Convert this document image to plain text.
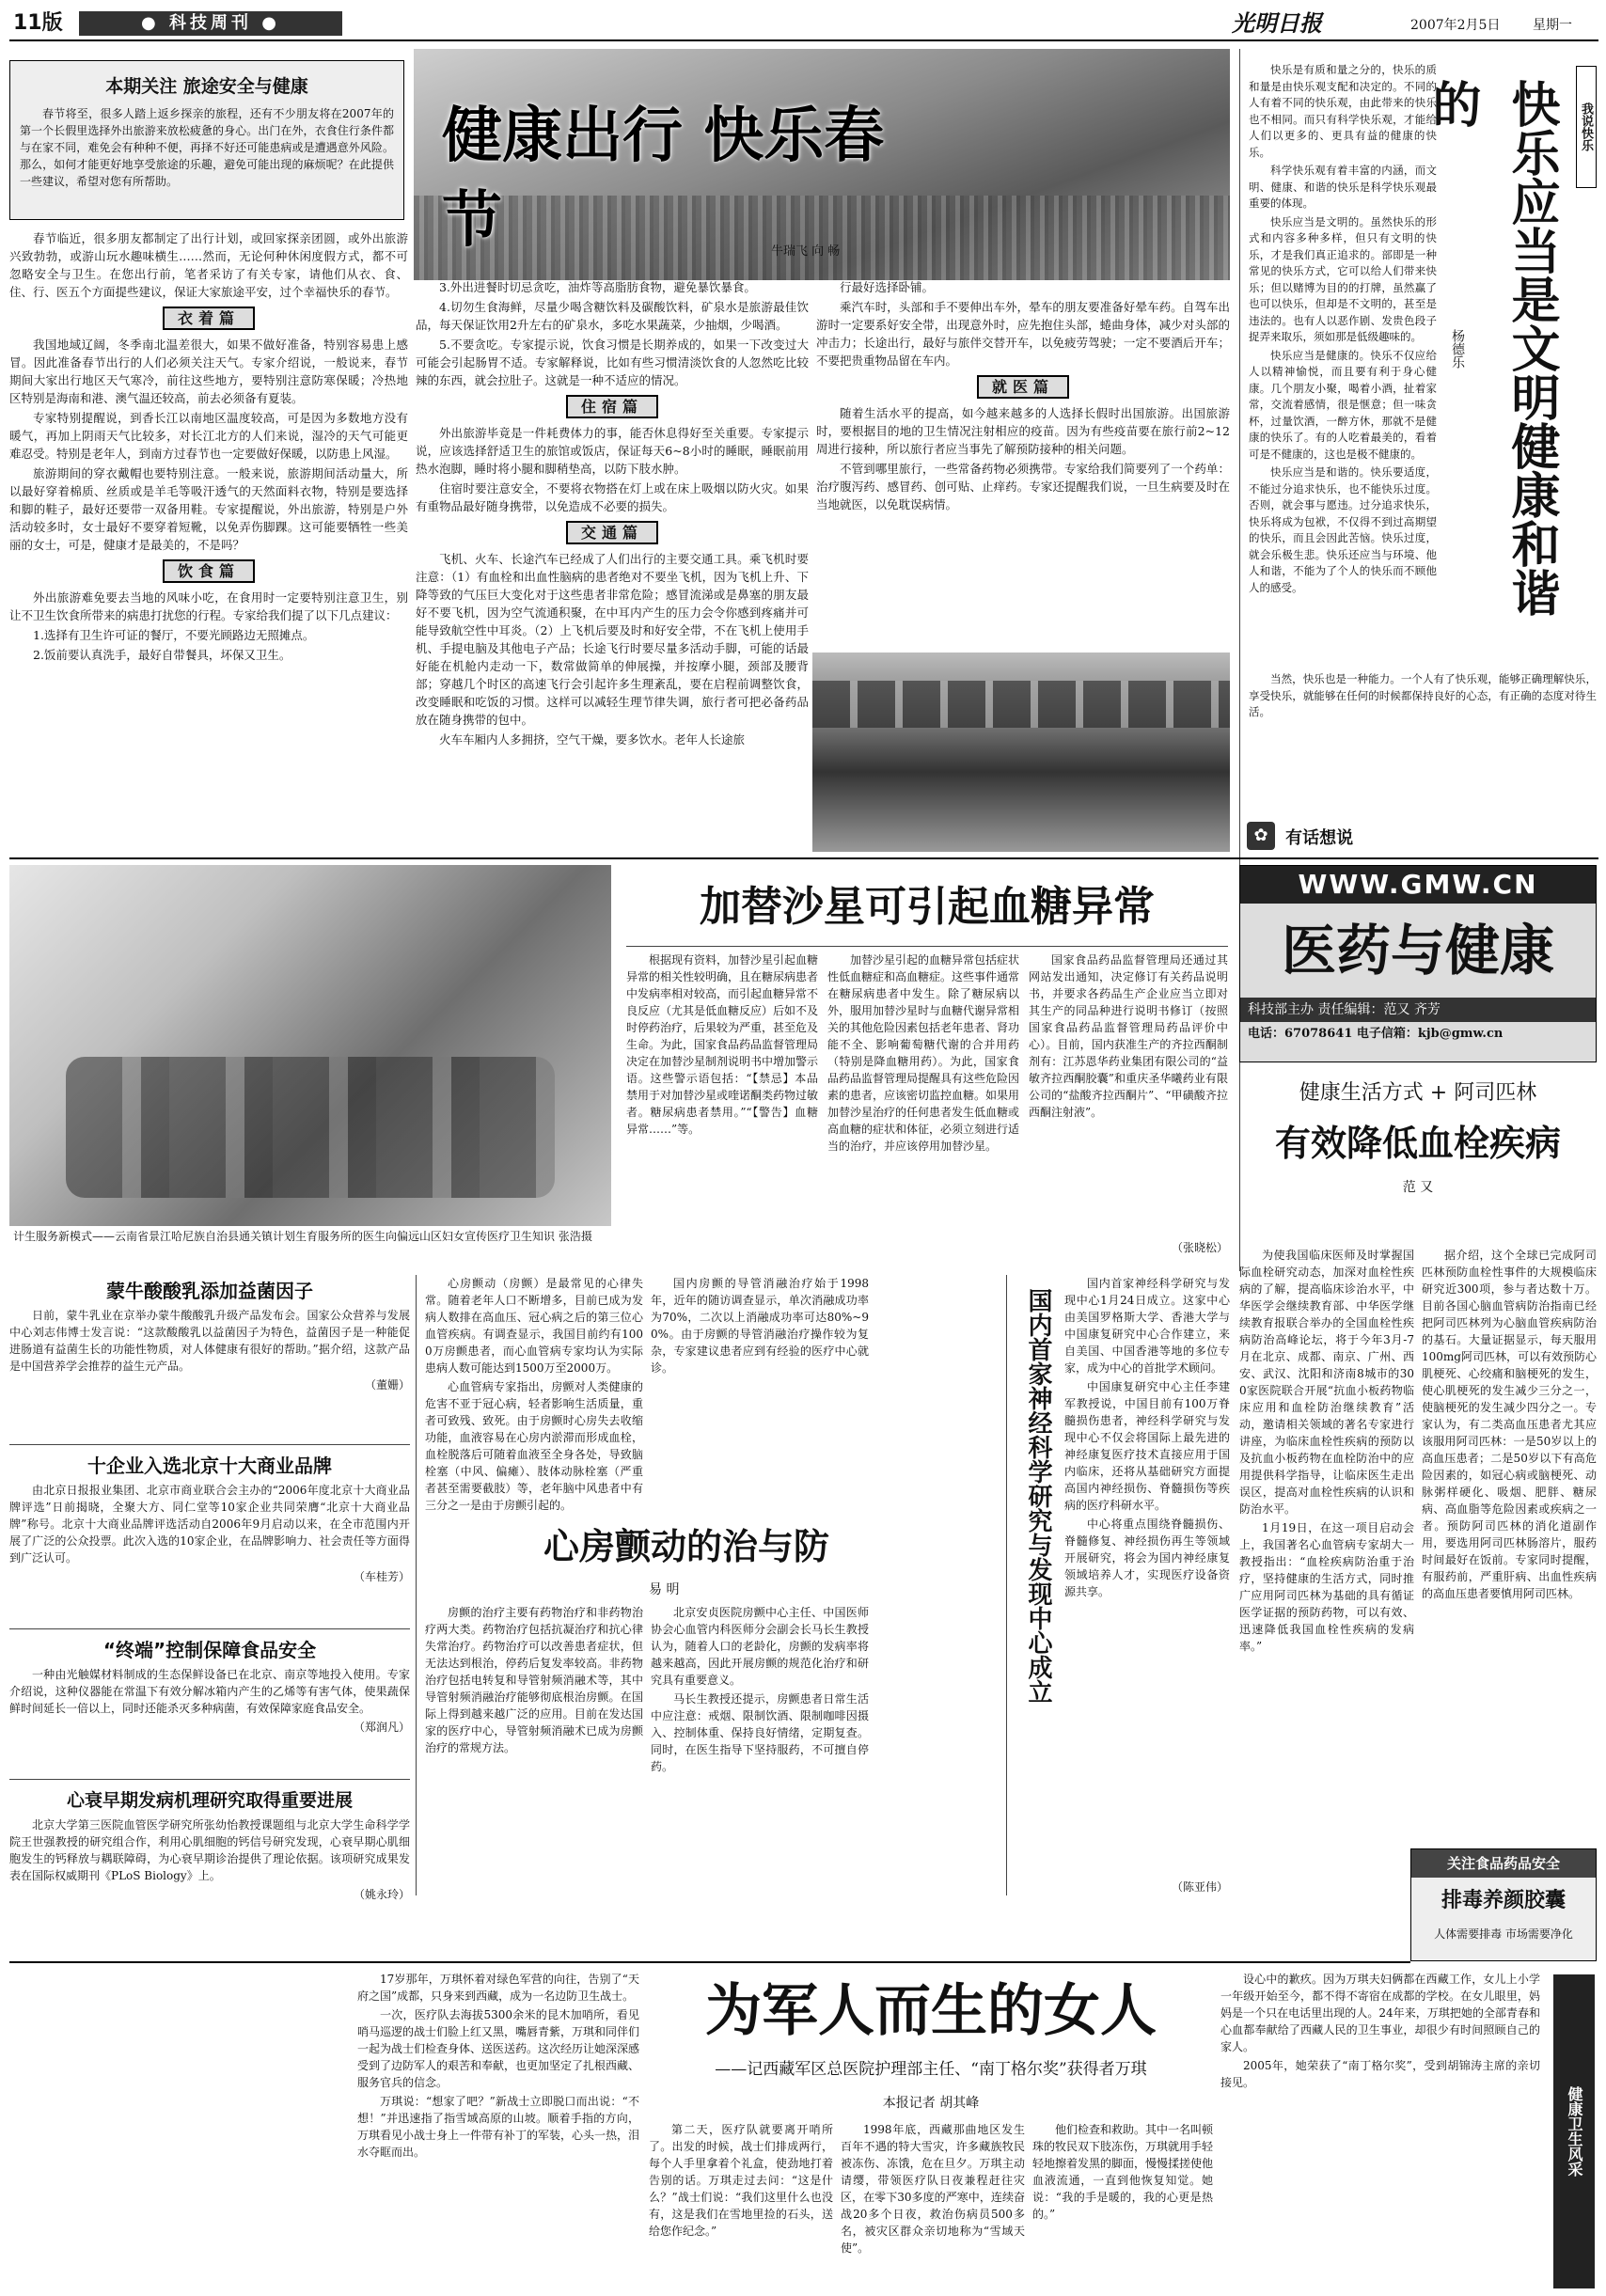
11版	● 科技周刊 ●	光明日报	2007年2月5日	星期一
本期关注 旅途安全与健康

春节将至，很多人踏上返乡探亲的旅程，还有不少朋友将在2007年的第一个长假里选择外出旅游来放松疲惫的身心。出门在外，衣食住行条件都与在家不同，难免会有种种不便，再择不好还可能患病或是遭遇意外风险。那么，如何才能更好地享受旅途的乐趣，避免可能出现的麻烦呢？在此提供一些建议，希望对您有所帮助。

健康出行 快乐春节	牛瑞飞 向 畅

春节临近，很多朋友都制定了出行计划，或回家探亲团圆，或外出旅游兴致勃勃，或游山玩水趣味横生……然而，无论何种休闲度假方式，都不可忽略安全与卫生。在您出行前，笔者采访了有关专家，请他们从衣、食、住、行、医五个方面提些建议，保证大家旅途平安，过个幸福快乐的春节。

衣着篇

我国地域辽阔，冬季南北温差很大，如果不做好准备，特别容易患上感冒。因此准备春节出行的人们必须关注天气。专家介绍说，一般说来，春节期间大家出行地区天气寒冷，前往这些地方，要特别注意防寒保暖；冷热地区特别是海南和港、澳气温还较高，前去必须备有夏装。

专家特别提醒说，到香长江以南地区温度较高，可是因为多数地方没有暖气，再加上阴雨天气比较多，对长江北方的人们来说，湿冷的天气可能更难忍受。特别是老年人，到南方过春节也一定要做好保暖，以防患上风湿。

旅游期间的穿衣戴帽也要特别注意。一般来说，旅游期间活动量大，所以最好穿着棉质、丝质或是羊毛等吸汗透气的天然面料衣物，特别是要选择和脚的鞋子，最好还要带一双备用鞋。专家提醒说，外出旅游，特别是户外活动较多时，女士最好不要穿着短靴，以免弄伤脚踝。这可能要牺牲一些美丽的女士，可是，健康才是最美的，不是吗？

饮食篇

外出旅游难免要去当地的风味小吃，在食用时一定要特别注意卫生，别让不卫生饮食所带来的病患打扰您的行程。专家给我们提了以下几点建议：

1.选择有卫生许可证的餐厅，不要光顾路边无照摊点。

2.饭前要认真洗手，最好自带餐具，坏保又卫生。

3.外出进餐时切忌贪吃，油炸等高脂肪食物，避免暴饮暴食。

4.切勿生食海鲜，尽量少喝含糖饮料及碳酸饮料，矿泉水是旅游最佳饮品，每天保证饮用2升左右的矿泉水，多吃水果蔬菜，少抽烟，少喝酒。

5.不要贪吃。专家提示说，饮食习惯是长期养成的，如果一下改变过大可能会引起肠胃不适。专家解释说，比如有些习惯清淡饮食的人忽然吃比较辣的东西，就会拉肚子。这就是一种不适应的情况。

住宿篇

外出旅游毕竟是一件耗费体力的事，能否休息得好至关重要。专家提示说，应该选择舒适卫生的旅馆或饭店，保证每天6~8小时的睡眠，睡眠前用热水泡脚，睡时将小腿和脚稍垫高，以防下肢水肿。

住宿时要注意安全，不要将衣物搭在灯上或在床上吸烟以防火灾。如果有重物品最好随身携带，以免造成不必要的损失。

交通篇

飞机、火车、长途汽车已经成了人们出行的主要交通工具。乘飞机时要注意：（1）有血栓和出血性脑病的患者绝对不要坐飞机，因为飞机上升、下降等致的气压巨大变化对于这些患者非常危险；感冒流涕或是鼻塞的朋友最好不要飞机，因为空气流通积聚，在中耳内产生的压力会令你感到疼痛并可能导致航空性中耳炎。（2）上飞机后要及时和好安全带，不在飞机上使用手机、手提电脑及其他电子产品；长途飞行时要尽量多活动手脚，可能的话最好能在机舱内走动一下，数常做简单的伸展操，并按摩小腿，颈部及腰背部；穿越几个时区的高速飞行会引起许多生理紊乱，要在启程前调整饮食，改变睡眠和吃饭的习惯。这样可以减轻生理节律失调，旅行者可把必备药品放在随身携带的包中。

火车车厢内人多拥挤，空气干燥，要多饮水。老年人长途旅

行最好选择卧铺。

乘汽车时，头部和手不要伸出车外，晕车的朋友要准备好晕车药。自驾车出游时一定要系好安全带，出现意外时，应先抱住头部，蜷曲身体，减少对头部的冲击力；长途出行，最好与旅伴交替开车，以免疲劳驾驶；一定不要酒后开车；不要把贵重物品留在车内。

就医篇

随着生活水平的提高，如今越来越多的人选择长假时出国旅游。出国旅游时，要根据目的地的卫生情况注射相应的疫苗。因为有些疫苗要在旅行前2~12周进行接种，所以旅行者应当事先了解预防接种的相关问题。

不管到哪里旅行，一些常备药物必须携带。专家给我们简要列了一个药单：治疗腹泻药、感冒药、创可贴、止痒药。专家还提醒我们说，一旦生病要及时在当地就医，以免耽误病情。

快乐是有质和量之分的，快乐的质和量是由快乐观支配和决定的。不同的人有着不同的快乐观，由此带来的快乐也不相同。而只有科学快乐观，才能给人们以更多的、更具有益的健康的快乐。

科学快乐观有着丰富的内涵，而文明、健康、和谐的快乐是科学快乐观最重要的体现。

快乐应当是文明的。虽然快乐的形式和内容多种多样，但只有文明的快乐，才是我们真正追求的。部即是一种常见的快乐方式，它可以给人们带来快乐；但以赌博为目的的打牌，虽然赢了也可以快乐，但却是不文明的，甚至是违法的。也有人以恶作剧、发贵色段子捉弄来取乐，须如那是低级趣味的。

快乐应当是健康的。快乐不仅应给人以精神愉悦，而且要有利于身心健康。几个朋友小聚，喝着小酒，扯着家常，交流着感情，很是惬意；但一味贪杯，过量饮酒，一醉方休，那就不是健康的快乐了。有的人吃着最美的，看着可是不健康的，这也是极不健康的。

快乐应当是和谐的。快乐要适度，不能过分追求快乐，也不能快乐过度。否则，就会事与愿违。过分追求快乐，快乐将成为包袱，不仅得不到过高期望的快乐，而且会因此苦恼。快乐过度，就会乐极生悲。快乐还应当与环境、他人和谐，不能为了个人的快乐而不顾他人的感受。

我说快乐
快乐应当是文明健康和谐的
杨德乐

当然，快乐也是一种能力。一个人有了快乐观，能够正确理解快乐，享受快乐，就能够在任何的时候都保持良好的心态，有正确的态度对待生活。

✿ 有话想说
计生服务新模式——云南省景江哈尼族自治县通关镇计划生育服务所的医生向偏远山区妇女宣传医疗卫生知识 张浩摄
加替沙星可引起血糖异常

根据现有资料，加替沙星引起血糖异常的相关性较明确，且在糖尿病患者中发病率相对较高，而引起血糖异常不良反应（尤其是低血糖反应）后如不及时停药治疗，后果较为严重，甚至危及生命。为此，国家食品药品监督管理局决定在加替沙星制剂说明书中增加警示语。这些警示语包括：“【禁忌】本品禁用于对加替沙星或喹诺酮类药物过敏者。糖尿病患者禁用。”“【警告】血糖异常……”等。

加替沙星引起的血糖异常包括症状性低血糖症和高血糖症。这些事件通常在糖尿病患者中发生。除了糖尿病以外，服用加替沙星时与血糖代谢异常相关的其他危险因素包括老年患者、肾功能不全、影响葡萄糖代谢的合并用药（特别是降血糖用药）。为此，国家食品药品监督管理局提醒具有这些危险因素的患者，应该密切监控血糖。如果用加替沙星治疗的任何患者发生低血糖或高血糖的症状和体征，必须立刻进行适当的治疗，并应该停用加替沙星。

国家食品药品监督管理局还通过其网站发出通知，决定修订有关药品说明书，并要求各药品生产企业应当立即对其生产的同品种进行说明书修订（按照国家食品药品监督管理局药品评价中心）。目前，国内获准生产的齐拉西酮制剂有：江苏恩华药业集团有限公司的“益敏齐拉西酮胶囊”和重庆圣华曦药业有限公司的“盐酸齐拉西酮片”、“甲磺酸齐拉西酮注射液”。

（张晓松）
WWW.GMW.CN
医药与健康
科技部主办 责任编辑：范又 齐芳
电话：67078641 电子信箱：kjb@gmw.cn
健康生活方式 + 阿司匹林
有效降低血栓疾病
范 又

为使我国临床医师及时掌握国际血栓研究动态，加深对血栓性疾病的了解，提高临床诊治水平，中华医学会继续教育部、中华医学继续教育报联合举办的全国血栓性疾病防治高峰论坛，将于今年3月-7月在北京、成都、南京、广州、西安、武汉、沈阳和济南8城市的300家医院联合开展“抗血小板药物临床应用和血栓防治继续教育”活动，邀请相关领域的著名专家进行讲座，为临床血栓性疾病的预防以及抗血小板药物在血栓防治中的应用提供科学指导，让临床医生走出误区，提高对血栓性疾病的认识和防治水平。

1月19日，在这一项目启动会上，我国著名心血管病专家胡大一教授指出：“血栓疾病防治重于治疗，坚持健康的生活方式，同时推广应用阿司匹林为基础的具有循证医学证据的预防药物，可以有效、迅速降低我国血栓性疾病的发病率。”

据介绍，这个全球已完成阿司匹林预防血栓性事件的大规模临床研究近300项，参与者达数十万。目前各国心脑血管病防治指南已经把阿司匹林列为心脑血管疾病防治的基石。大量证据显示，每天服用100mg阿司匹林，可以有效预防心肌梗死、心绞痛和脑梗死的发生，使心肌梗死的发生减少三分之一，使脑梗死的发生减少四分之一。专家认为，有二类高血压患者尤其应该服用阿司匹林：一是50岁以上的高血压患者；二是50岁以下有高危险因素的，如冠心病或脑梗死、动脉粥样硬化、吸烟、肥胖、糖尿病、高血脂等危险因素或疾病之一者。预防阿司匹林的消化道副作用，要选用阿司匹林肠溶片，服药时间最好在饭前。专家同时提醒，有服药前，严重肝病、出血性疾病的高血压患者要慎用阿司匹林。

关注食品药品安全
排毒养颜胶囊
人体需要排毒 市场需要净化
蒙牛酸酸乳添加益菌因子

日前，蒙牛乳业在京举办蒙牛酸酸乳升级产品发布会。国家公众营养与发展中心刘志伟博士发言说：“这款酸酸乳以益菌因子为特色，益菌因子是一种能促进肠道有益菌生长的功能性物质，对人体健康有很好的帮助。”据介绍，这款产品是中国营养学会推荐的益生元产品。

（董姗）
十企业入选北京十大商业品牌

由北京日报报业集团、北京市商业联合会主办的“2006年度北京十大商业品牌评选”日前揭晓，全聚大方、同仁堂等10家企业共同荣膺“北京十大商业品牌”称号。北京十大商业品牌评选活动自2006年9月启动以来，在全市范围内开展了广泛的公众投票。此次入选的10家企业，在品牌影响力、社会责任等方面得到广泛认可。

（车桂芳）
“终端”控制保障食品安全

一种由光触媒材料制成的生态保鲜设备已在北京、南京等地投入使用。专家介绍说，这种仪器能在常温下有效分解冰箱内产生的乙烯等有害气体，使果蔬保鲜时间延长一倍以上，同时还能杀灭多种病菌，有效保障家庭食品安全。

（郑润凡）
心衰早期发病机理研究取得重要进展

北京大学第三医院血管医学研究所张幼怡教授课题组与北京大学生命科学学院王世强教授的研究组合作，利用心肌细胞的钙信号研究发现，心衰早期心肌细胞发生的钙释放与耦联障碍，为心衰早期诊治提供了理论依据。该项研究成果发表在国际权威期刊《PLoS Biology》上。

（姚永玲）

心房颤动（房颤）是最常见的心律失常。随着老年人口不断增多，目前已成为发病人数排在高血压、冠心病之后的第三位心血管疾病。有调查显示，我国目前约有1000万房颤患者，而心血管病专家均认为实际患病人数可能达到1500万至2000万。

心血管病专家指出，房颤对人类健康的危害不亚于冠心病，轻者影响生活质量，重者可致残、致死。由于房颤时心房失去收缩功能，血液容易在心房内淤滞而形成血栓，血栓脱落后可随着血液至全身各处，导致脑栓塞（中风、偏瘫）、肢体动脉栓塞（严重者甚至需要截肢）等，老年脑中风患者中有三分之一是由于房颤引起的。

心房颤动的治与防
易 明

国内房颤的导管消融治疗始于1998年，近年的随访调查显示，单次消融成功率为70%，二次以上消融成功率可达80%~90%。由于房颤的导管消融治疗操作较为复杂，专家建议患者应到有经验的医疗中心就诊。

房颤的治疗主要有药物治疗和非药物治疗两大类。药物治疗包括抗凝治疗和抗心律失常治疗。药物治疗可以改善患者症状，但无法达到根治，停药后复发率较高。非药物治疗包括电转复和导管射频消融术等，其中导管射频消融治疗能够彻底根治房颤。在国际上得到越来越广泛的应用。目前在发达国家的医疗中心，导管射频消融术已成为房颤治疗的常规方法。

北京安贞医院房颤中心主任、中国医师协会心血管内科医师分会副会长马长生教授认为，随着人口的老龄化，房颤的发病率将越来越高，因此开展房颤的规范化治疗和研究具有重要意义。

马长生教授还提示，房颤患者日常生活中应注意：戒烟、限制饮酒、限制咖啡因摄入、控制体重、保持良好情绪，定期复查。同时，在医生指导下坚持服药，不可擅自停药。

国内首家神经科学研究与发现中心成立

国内首家神经科学研究与发现中心1月24日成立。这家中心由美国罗格斯大学、香港大学与中国康复研究中心合作建立，来自美国、中国香港等地的多位专家，成为中心的首批学术顾问。

中国康复研究中心主任李建军教授说，中国目前有100万脊髓损伤患者，神经科学研究与发现中心不仅会将国际上最先进的神经康复医疗技术直接应用于国内临床，还将从基础研究方面提高国内神经损伤、脊髓损伤等疾病的医疗科研水平。

中心将重点围绕脊髓损伤、脊髓修复、神经损伤再生等领域开展研究，将会为国内神经康复领域培养人才，实现医疗设备资源共享。

（陈亚伟）

17岁那年，万琪怀着对绿色军营的向往，告别了“天府之国”成都，只身来到西藏，成为一名边防卫生战士。

一次，医疗队去海拔5300余米的昆木加哨所，看见哨马巡逻的战士们脸上红又黑，嘴唇青紫，万琪和同伴们一起为战士们检查身体、送医送药。这次经历让她深深感受到了边防军人的艰苦和奉献，也更加坚定了扎根西藏、服务官兵的信念。

万琪说：“想家了吧？”新战士立即脱口而出说：“不想！”并迅速指了指雪域高原的山坡。顺着手指的方向，万琪看见小战士身上一件带有补丁的军装，心头一热，泪水夺眶而出。

为军人而生的女人
——记西藏军区总医院护理部主任、“南丁格尔奖”获得者万琪
本报记者 胡其峰

第二天，医疗队就要离开哨所了。出发的时候，战士们排成两行，每个人手里拿着个礼盒，使劲地打着告别的话。万琪走过去问：“这是什么？”战士们说：“我们这里什么也没有，这是我们在雪地里捡的石头，送给您作纪念。”

1998年底，西藏那曲地区发生百年不遇的特大雪灾，许多藏族牧民被冻伤、冻饿，危在旦夕。万琪主动请缨，带领医疗队日夜兼程赶往灾区，在零下30多度的严寒中，连续奋战20多个日夜，救治伤病员500多名，被灾区群众亲切地称为“雪域天使”。

他们检查和救助。其中一名叫顿珠的牧民双下肢冻伤，万琪就用手轻轻地擦着发黑的脚面，慢慢揉搓使他血液流通，一直到他恢复知觉。她说：“我的手是暖的，我的心更是热的。”

设心中的歉疚。因为万琪夫妇俩都在西藏工作，女儿上小学一年级开始至今，都不得不寄宿在成都的学校。在女儿眼里，妈妈是一个只在电话里出现的人。24年来，万琪把她的全部青春和心血都奉献给了西藏人民的卫生事业，却很少有时间照顾自己的家人。

2005年，她荣获了“南丁格尔奖”，受到胡锦涛主席的亲切接见。

健康卫生风采
